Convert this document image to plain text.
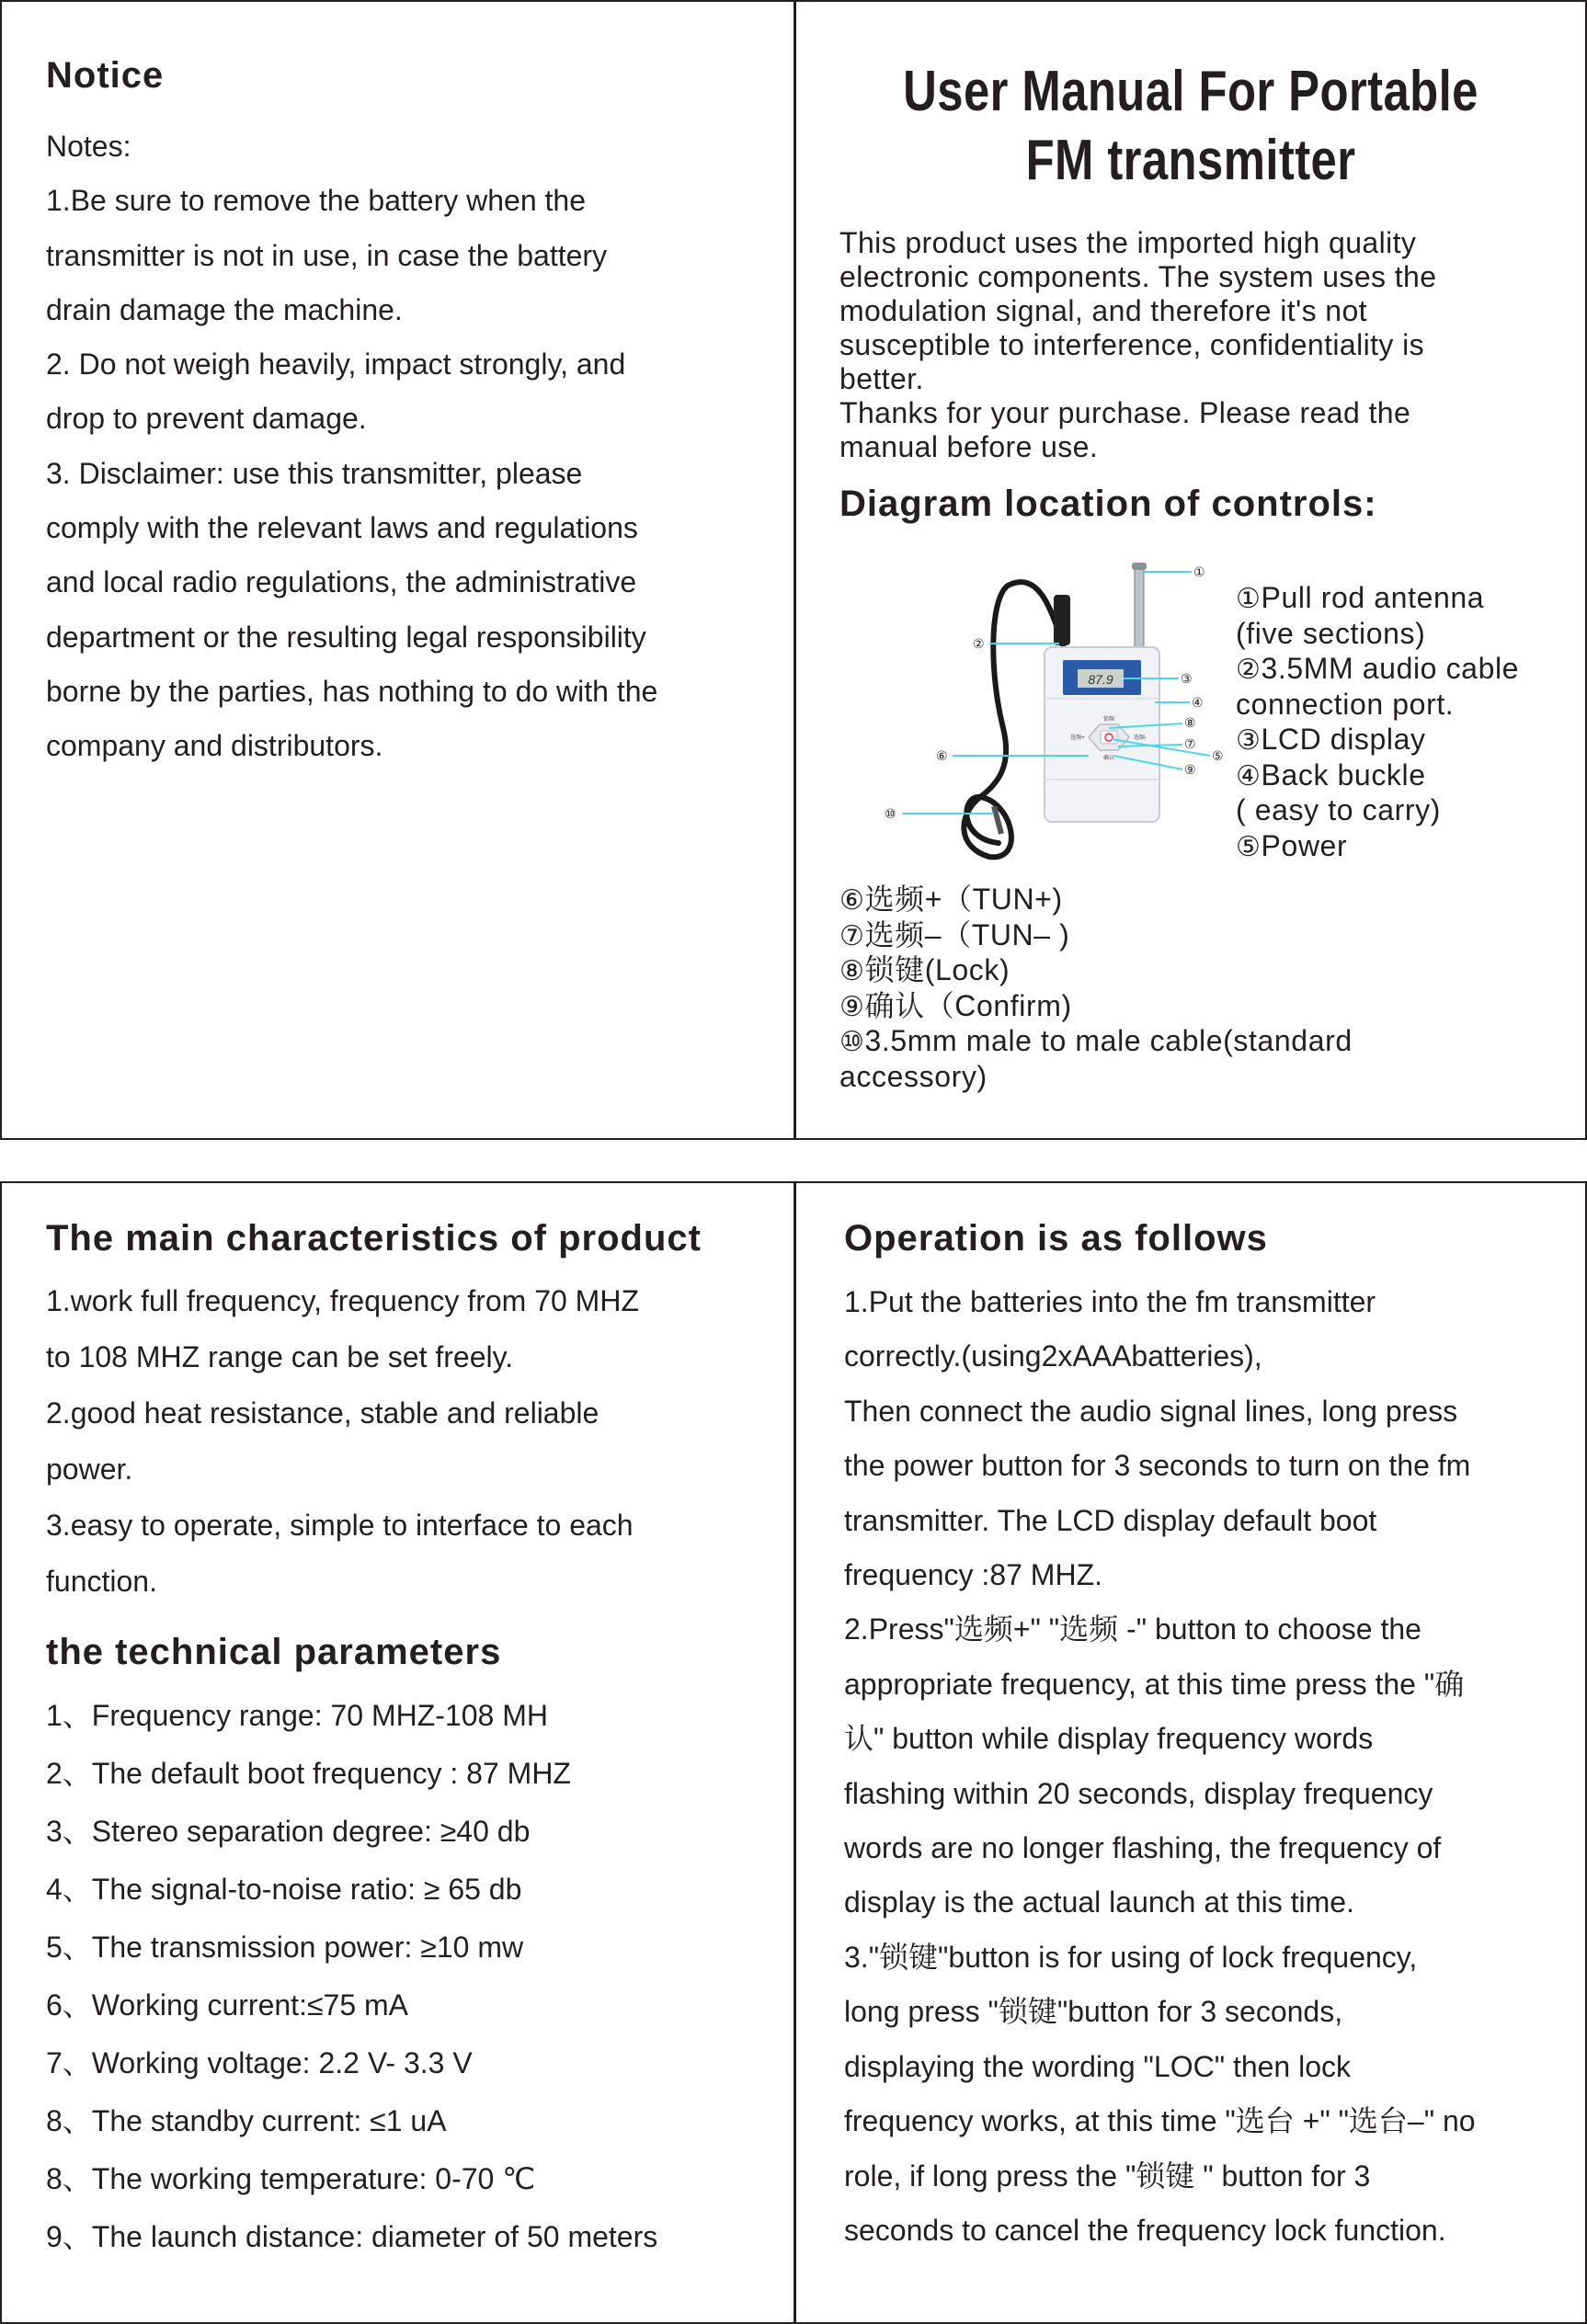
Notice

Notes:

1.Be sure to remove the battery when the

transmitter is not in use, in case the battery

drain damage the machine.

2. Do not weigh heavily, impact strongly, and

drop to prevent damage.

3. Disclaimer: use this transmitter, please

comply with the relevant laws and regulations

and local radio regulations, the administrative

department or the resulting legal responsibility

borne by the parties, has nothing to do with the

company and distributors.

User Manual For Portable
FM transmitter

This product uses the imported high quality

electronic components. The system uses the

modulation signal, and therefore it's not

susceptible to interference, confidentiality is

better.

Thanks for your purchase. Please read the

manual before use.

Diagram location of controls:
87.9
锁频
选频+	选频-
确认
①
②
③
④
⑧
⑦
⑤
⑨
⑥
⑩
①Pull rod antenna
(five sections)
②3.5MM audio cable
connection port.
③LCD display
④Back buckle
( easy to carry)
⑤Power
⑥选频+（TUN+)
⑦选频–（TUN– )
⑧锁键(Lock)
⑨确认（Confirm)
⑩3.5mm male to male cable(standard
accessory)
The main characteristics of product

1.work full frequency, frequency from 70 MHZ

to 108 MHZ range can be set freely.

2.good heat resistance, stable and reliable

power.

3.easy to operate, simple to interface to each

function.

the technical parameters
1、Frequency range: 70 MHZ-108 MH
2、The default boot frequency : 87 MHZ
3、Stereo separation degree: ≥40 db
4、The signal-to-noise ratio: ≥ 65 db
5、The transmission power: ≥10 mw
6、Working current:≤75 mA
7、Working voltage: 2.2 V- 3.3 V
8、The standby current: ≤1 uA
8、The working temperature: 0-70 ℃
9、The launch distance: diameter of 50 meters
Operation is as follows
1.Put the batteries into the fm transmitter
correctly.(using2xAAAbatteries),
Then connect the audio signal lines, long press
the power button for 3 seconds to turn on the fm
transmitter. The LCD display default boot
frequency :87 MHZ.
2.Press"选频+" "选频 -" button to choose the
appropriate frequency, at this time press the "确
认" button while display frequency words
flashing within 20 seconds, display frequency
words are no longer flashing, the frequency of
display is the actual launch at this time.
3."锁键"button is for using of lock frequency,
long press "锁键"button for 3 seconds,
displaying the wording "LOC" then lock
frequency works, at this time "选台 +" "选台–" no
role, if long press the "锁键 " button for 3
seconds to cancel the frequency lock function.
